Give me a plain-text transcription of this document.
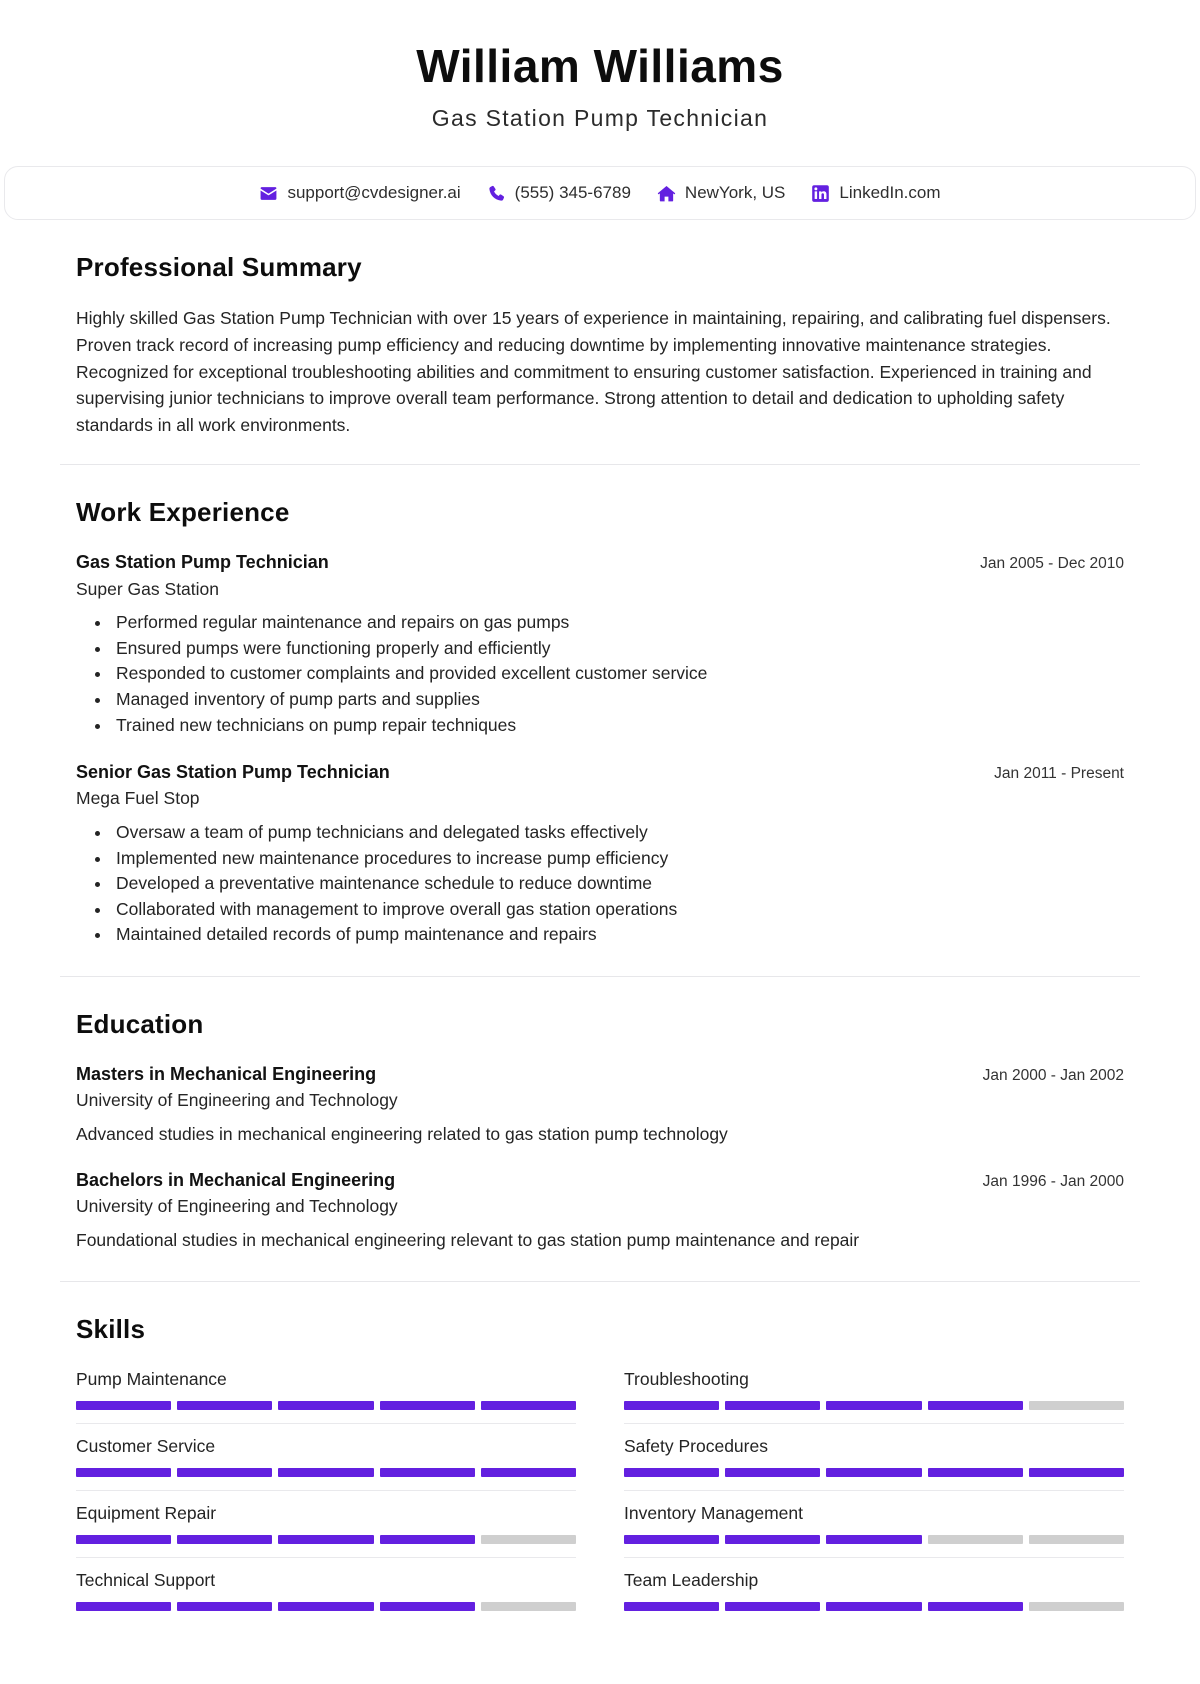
William Williams
Gas Station Pump Technician
support@cvdesigner.ai	(555) 345-6789	NewYork, US	LinkedIn.com
Professional Summary

Highly skilled Gas Station Pump Technician with over 15 years of experience in maintaining, repairing, and calibrating fuel dispensers. Proven track record of increasing pump efficiency and reducing downtime by implementing innovative maintenance strategies. Recognized for exceptional troubleshooting abilities and commitment to ensuring customer satisfaction. Experienced in training and supervising junior technicians to improve overall team performance. Strong attention to detail and dedication to upholding safety standards in all work environments.

Work Experience
Gas Station Pump Technician	Jan 2005 - Dec 2010
Super Gas Station
• Performed regular maintenance and repairs on gas pumps
• Ensured pumps were functioning properly and efficiently
• Responded to customer complaints and provided excellent customer service
• Managed inventory of pump parts and supplies
• Trained new technicians on pump repair techniques
Senior Gas Station Pump Technician	Jan 2011 - Present
Mega Fuel Stop
• Oversaw a team of pump technicians and delegated tasks effectively
• Implemented new maintenance procedures to increase pump efficiency
• Developed a preventative maintenance schedule to reduce downtime
• Collaborated with management to improve overall gas station operations
• Maintained detailed records of pump maintenance and repairs
Education
Masters in Mechanical Engineering	Jan 2000 - Jan 2002
University of Engineering and Technology
Advanced studies in mechanical engineering related to gas station pump technology
Bachelors in Mechanical Engineering	Jan 1996 - Jan 2000
University of Engineering and Technology
Foundational studies in mechanical engineering relevant to gas station pump maintenance and repair
Skills
Pump Maintenance	Troubleshooting
Customer Service	Safety Procedures
Equipment Repair	Inventory Management
Technical Support	Team Leadership
